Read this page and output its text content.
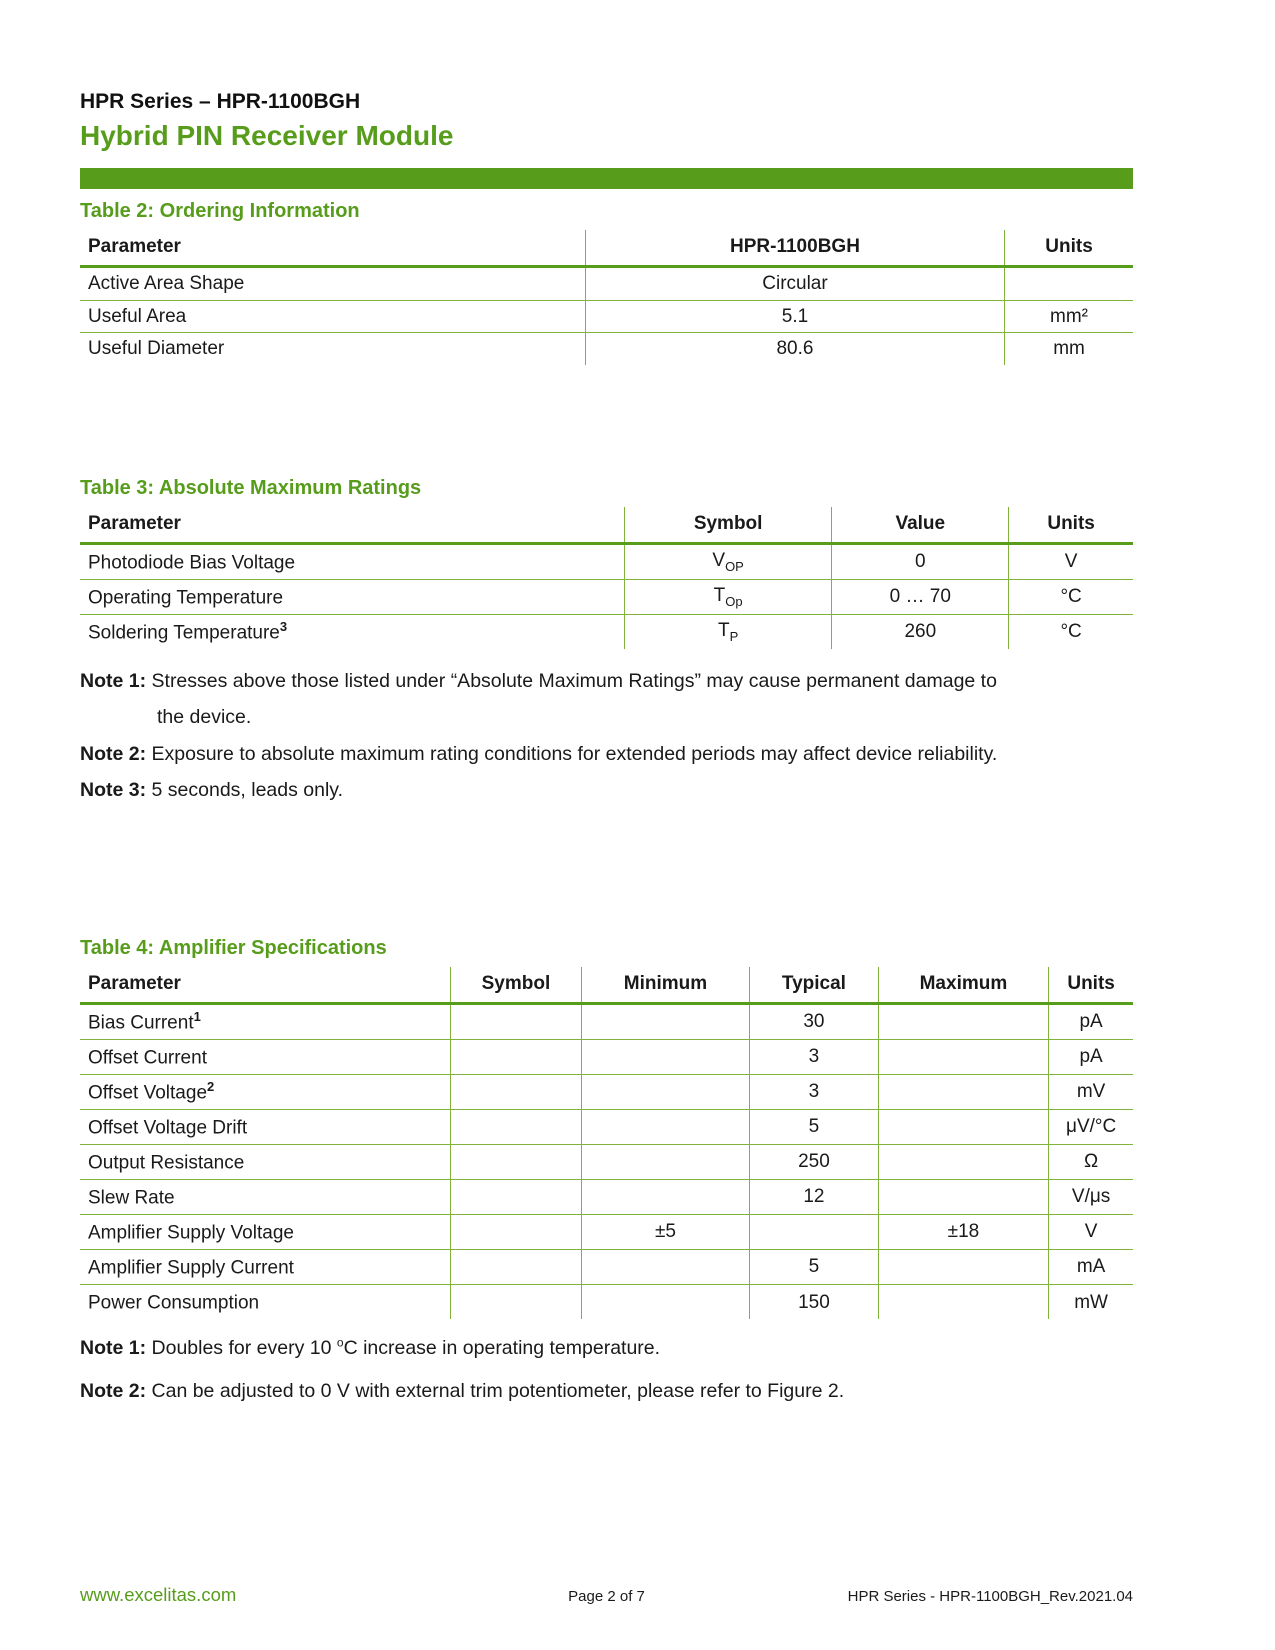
HPR Series – HPR-1100BGH

Hybrid PIN Receiver Module

Table 2: Ordering Information

Parameter	HPR-1100BGH	Units
Active Area Shape	Circular	
Useful Area	5.1	mm²
Useful Diameter	80.6	mm

Table 3: Absolute Maximum Ratings

Parameter	Symbol	Value	Units
Photodiode Bias Voltage	$V_{OP}$	0	V
Operating Temperature	$T_{Op}$	0 … 70	°C
Soldering Temperature$^3$	$T_P$	260	°C

Note 1: Stresses above those listed under “Absolute Maximum Ratings” may cause permanent damage to

the device.

Note 2: Exposure to absolute maximum rating conditions for extended periods may affect device reliability.

Note 3: 5 seconds, leads only.

Table 4: Amplifier Specifications

Parameter	Symbol	Minimum	Typical	Maximum	Units
Bias Current$^1$			30		pA
Offset Current			3		pA
Offset Voltage$^2$			3		mV
Offset Voltage Drift			5		μV/°C
Output Resistance			250		Ω
Slew Rate			12		V/μs
Amplifier Supply Voltage		±5		±18	V
Amplifier Supply Current			5		mA
Power Consumption			150		mW

Note 1: Doubles for every 10 $^o$C increase in operating temperature.

Note 2: Can be adjusted to 0 V with external trim potentiometer, please refer to Figure 2.

www.excelitas.com	Page 2 of 7	HPR Series - HPR-1100BGH_Rev.2021.04
